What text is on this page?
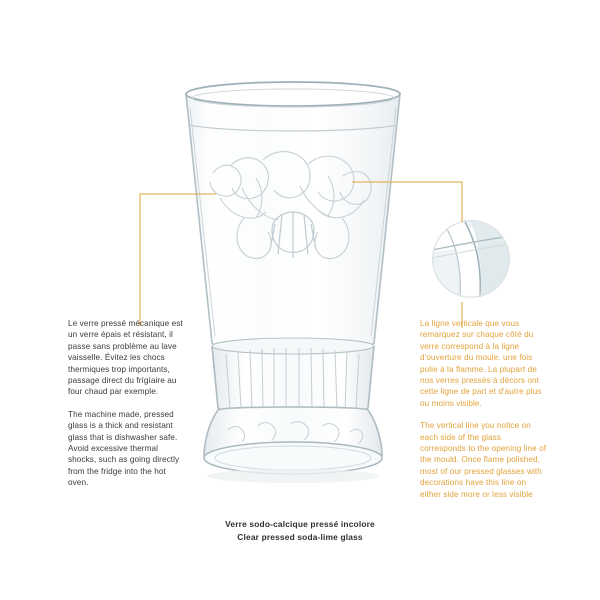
Le verre pressé mécanique est un verre épais et résistant, il passe sans problème au lave vaisselle. Évitez les chocs thermiques trop importants, passage direct du frígíaire au four chaud par exemple.

The machine made, pressed glass is a thick and resistant glass that is dishwasher safe. Avoid excessive thermal shocks, such as going directly from the fridge into the hot oven.

La ligne verticale que vous remarquez sur chaque côté du verre correspond à la ligne d'ouverture du moule. une fois polie à la flamme. La plupart de nos verres pressés à décors ont cette ligne de part et d'autre plus ou moins visible.

The vertical line you notice on each side of the glass corresponds to the opening line of the mould. Once flame polished, most of our pressed glasses with decorations have this line on either side more or less visible

Verre sodo-calcique pressé incolore
Clear pressed soda-lime glass
